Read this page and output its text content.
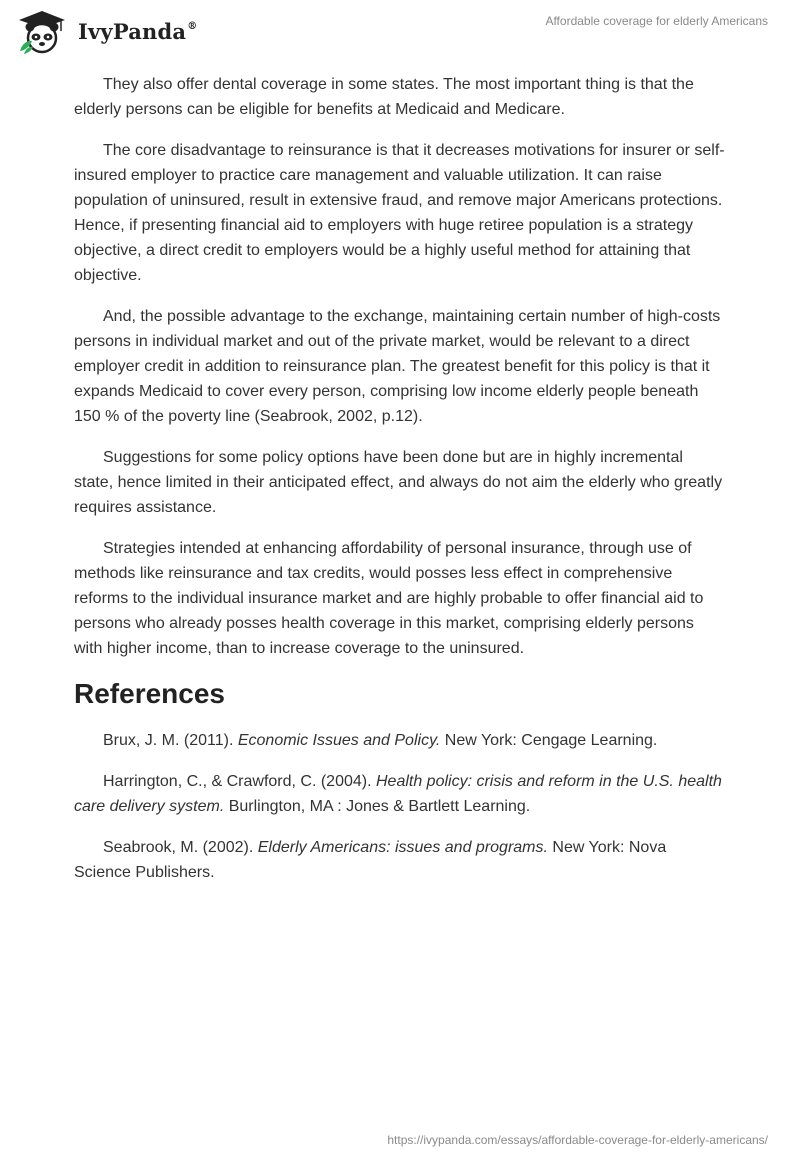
IvyPanda®	Affordable coverage for elderly Americans

They also offer dental coverage in some states. The most important thing is that the elderly persons can be eligible for benefits at Medicaid and Medicare.

The core disadvantage to reinsurance is that it decreases motivations for insurer or self-insured employer to practice care management and valuable utilization. It can raise population of uninsured, result in extensive fraud, and remove major Americans protections. Hence, if presenting financial aid to employers with huge retiree population is a strategy objective, a direct credit to employers would be a highly useful method for attaining that objective.

And, the possible advantage to the exchange, maintaining certain number of high-costs persons in individual market and out of the private market, would be relevant to a direct employer credit in addition to reinsurance plan. The greatest benefit for this policy is that it expands Medicaid to cover every person, comprising low income elderly people beneath 150 % of the poverty line (Seabrook, 2002, p.12).

Suggestions for some policy options have been done but are in highly incremental state, hence limited in their anticipated effect, and always do not aim the elderly who greatly requires assistance.

Strategies intended at enhancing affordability of personal insurance, through use of methods like reinsurance and tax credits, would posses less effect in comprehensive reforms to the individual insurance market and are highly probable to offer financial aid to persons who already posses health coverage in this market, comprising elderly persons with higher income, than to increase coverage to the uninsured.

References

Brux, J. M. (2011). Economic Issues and Policy. New York: Cengage Learning.

Harrington, C., & Crawford, C. (2004). Health policy: crisis and reform in the U.S. health care delivery system. Burlington, MA : Jones & Bartlett Learning.

Seabrook, M. (2002). Elderly Americans: issues and programs. New York: Nova Science Publishers.

https://ivypanda.com/essays/affordable-coverage-for-elderly-americans/
